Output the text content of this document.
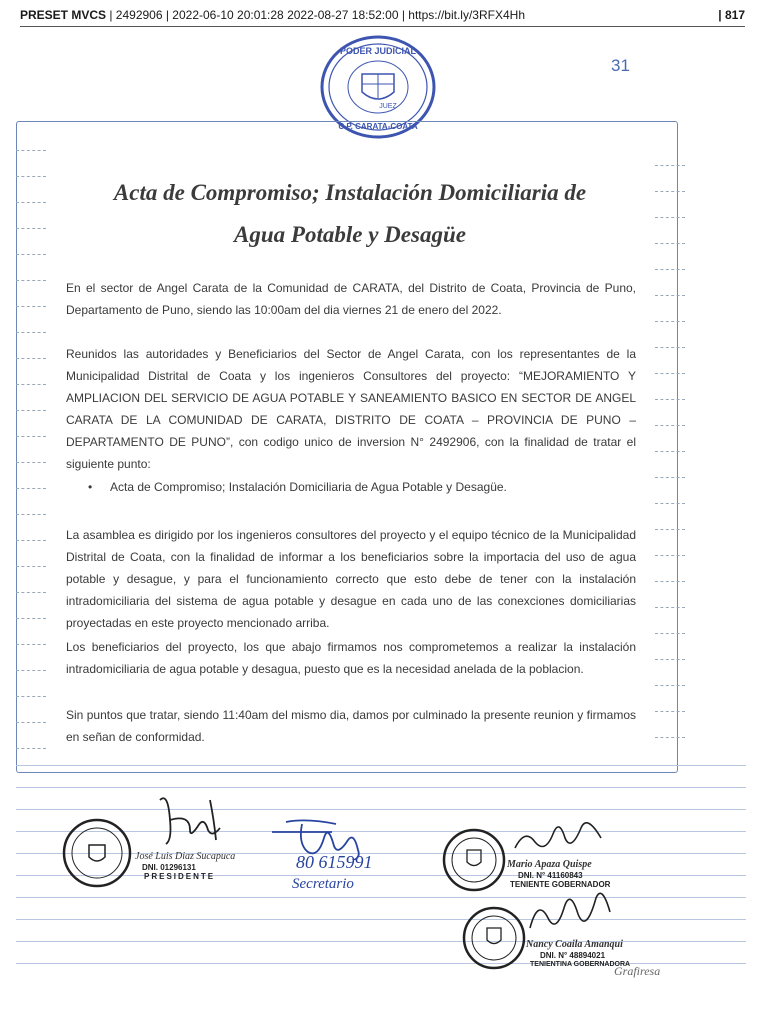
PRESET MVCS | 2492906 | 2022-06-10 20:01:28 2022-08-27 18:52:00 | https://bit.ly/3RFX4Hh	| 817
31
PODER JUDICIAL
C.P. CARATA-COATA
JUEZ
Acta de Compromiso; Instalación Domiciliaria de
Agua Potable y Desagüe
En el sector de Angel Carata de la Comunidad de CARATA, del Distrito de Coata, Provincia de Puno, Departamento de Puno, siendo las 10:00am del dia viernes 21 de enero del 2022.
Reunidos las autoridades y Beneficiarios del Sector de Angel Carata, con los representantes de la Municipalidad Distrital de Coata y los ingenieros Consultores del proyecto: “MEJORAMIENTO Y AMPLIACION DEL SERVICIO DE AGUA POTABLE Y SANEAMIENTO BASICO EN SECTOR DE ANGEL CARATA DE LA COMUNIDAD DE CARATA, DISTRITO DE COATA – PROVINCIA DE PUNO – DEPARTAMENTO DE PUNO”, con codigo unico de inversion N° 2492906, con la finalidad de tratar el siguiente punto:
• Acta de Compromiso; Instalación Domiciliaria de Agua Potable y Desagüe.
La asamblea es dirigido por los ingenieros consultores del proyecto y el equipo técnico de la Municipalidad Distrital de Coata, con la finalidad de informar a los beneficiarios sobre la importacia del uso de agua potable y desague, y para el funcionamiento correcto que esto debe de tener con la instalación intradomiciliaria del sistema de agua potable y desague en cada uno de las conexciones domiciliarias proyectadas en este proyecto mencionado arriba.
Los beneficiarios del proyecto, los que abajo firmamos nos comprometemos a realizar la instalación intradomiciliaria de agua potable y desagua, puesto que es la necesidad anelada de la poblacion.
Sin puntos que tratar, siendo 11:40am del mismo dia, damos por culminado la presente reunion y firmamos en señan de conformidad.
José Luis Diaz Sucapuca
DNI. 01296131
PRESIDENTE
80 615991
Secretario
Mario Apaza Quispe
DNI. N° 41160843
TENIENTE GOBERNADOR
Nancy Coaila Amanqui
DNI. N° 48894021
TENIENTINA GOBERNADORA
Grafiresa
